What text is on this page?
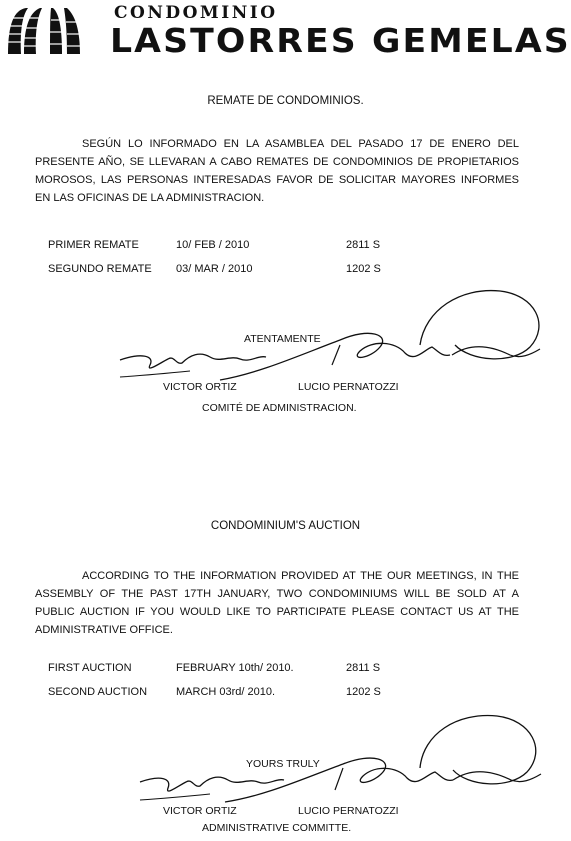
CONDOMINIO
LASTORRES GEMELAS
REMATE DE CONDOMINIOS.
SEGÚN LO INFORMADO EN LA ASAMBLEA DEL PASADO 17 DE ENERO DEL PRESENTE AÑO, SE LLEVARAN A CABO REMATES DE CONDOMINIOS DE PROPIETARIOS MOROSOS, LAS PERSONAS INTERESADAS FAVOR DE SOLICITAR MAYORES INFORMES EN LAS OFICINAS DE LA ADMINISTRACION.
PRIMER REMATE	10/ FEB / 2010	2811 S
SEGUNDO REMATE 03/ MAR / 2010	1202 S
ATENTAMENTE
VICTOR ORTIZ	LUCIO PERNATOZZI
COMITÉ DE ADMINISTRACION.
CONDOMINIUM'S AUCTION
ACCORDING TO THE INFORMATION PROVIDED AT THE OUR MEETINGS, IN THE ASSEMBLY OF THE PAST 17TH JANUARY, TWO CONDOMINIUMS WILL BE SOLD AT A PUBLIC AUCTION IF YOU WOULD LIKE TO PARTICIPATE PLEASE CONTACT US AT THE ADMINISTRATIVE OFFICE.
FIRST AUCTION	FEBRUARY 10th/ 2010.	2811 S
SECOND AUCTION	MARCH 03rd/ 2010.	1202 S
YOURS TRULY
VICTOR ORTIZ	LUCIO PERNATOZZI
ADMINISTRATIVE COMMITTE.
